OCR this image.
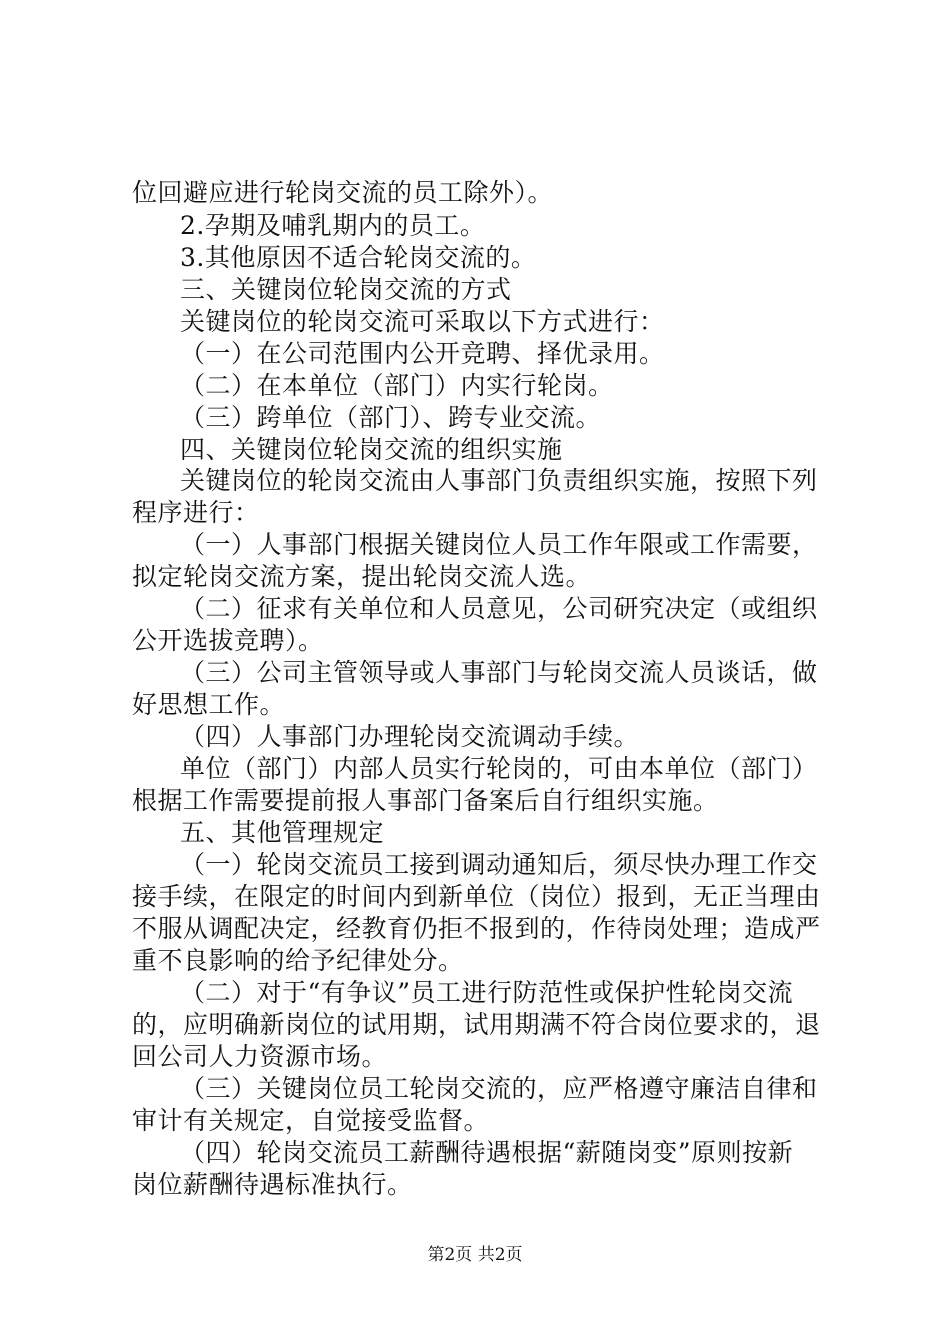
位回避应进行轮岗交流的员工除外）。
2.孕期及哺乳期内的员工。
3.其他原因不适合轮岗交流的。
三、关键岗位轮岗交流的方式
关键岗位的轮岗交流可采取以下方式进行：
（一）在公司范围内公开竞聘、择优录用。
（二）在本单位（部门）内实行轮岗。
（三）跨单位（部门）、跨专业交流。
四、关键岗位轮岗交流的组织实施
关键岗位的轮岗交流由人事部门负责组织实施，按照下列
程序进行：
（一）人事部门根据关键岗位人员工作年限或工作需要，
拟定轮岗交流方案，提出轮岗交流人选。
（二）征求有关单位和人员意见，公司研究决定（或组织
公开选拔竞聘）。
（三）公司主管领导或人事部门与轮岗交流人员谈话，做
好思想工作。
（四）人事部门办理轮岗交流调动手续。
单位（部门）内部人员实行轮岗的，可由本单位（部门）
根据工作需要提前报人事部门备案后自行组织实施。
五、其他管理规定
（一）轮岗交流员工接到调动通知后，须尽快办理工作交
接手续，在限定的时间内到新单位（岗位）报到，无正当理由
不服从调配决定，经教育仍拒不报到的，作待岗处理；造成严
重不良影响的给予纪律处分。
（二）对于“有争议”员工进行防范性或保护性轮岗交流
的，应明确新岗位的试用期，试用期满不符合岗位要求的，退
回公司人力资源市场。
（三）关键岗位员工轮岗交流的，应严格遵守廉洁自律和
审计有关规定，自觉接受监督。
（四）轮岗交流员工薪酬待遇根据“薪随岗变”原则按新
岗位薪酬待遇标准执行。
第2页 共2页
